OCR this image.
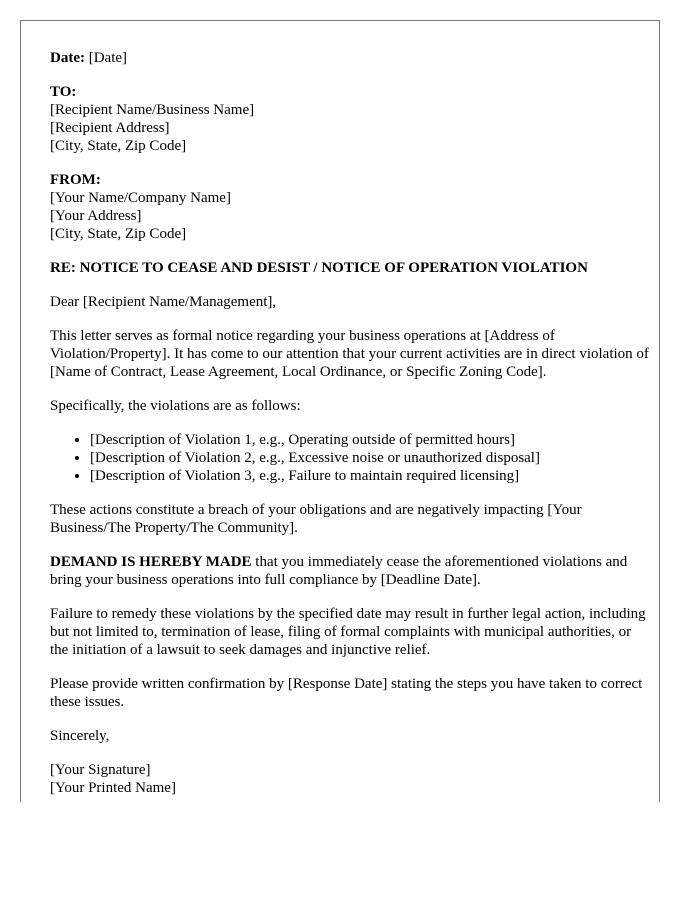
Date: [Date]
TO:
[Recipient Name/Business Name]
[Recipient Address]
[City, State, Zip Code]
FROM:
[Your Name/Company Name]
[Your Address]
[City, State, Zip Code]
RE: NOTICE TO CEASE AND DESIST / NOTICE OF OPERATION VIOLATION
Dear [Recipient Name/Management],
This letter serves as formal notice regarding your business operations at [Address of Violation/Property]. It has come to our attention that your current activities are in direct violation of [Name of Contract, Lease Agreement, Local Ordinance, or Specific Zoning Code].
Specifically, the violations are as follows:
• [Description of Violation 1, e.g., Operating outside of permitted hours]
• [Description of Violation 2, e.g., Excessive noise or unauthorized disposal]
• [Description of Violation 3, e.g., Failure to maintain required licensing]
These actions constitute a breach of your obligations and are negatively impacting [Your Business/The Property/The Community].
DEMAND IS HEREBY MADE that you immediately cease the aforementioned violations and bring your business operations into full compliance by [Deadline Date].
Failure to remedy these violations by the specified date may result in further legal action, including but not limited to, termination of lease, filing of formal complaints with municipal authorities, or the initiation of a lawsuit to seek damages and injunctive relief.
Please provide written confirmation by [Response Date] stating the steps you have taken to correct these issues.
Sincerely,
[Your Signature]
[Your Printed Name]
